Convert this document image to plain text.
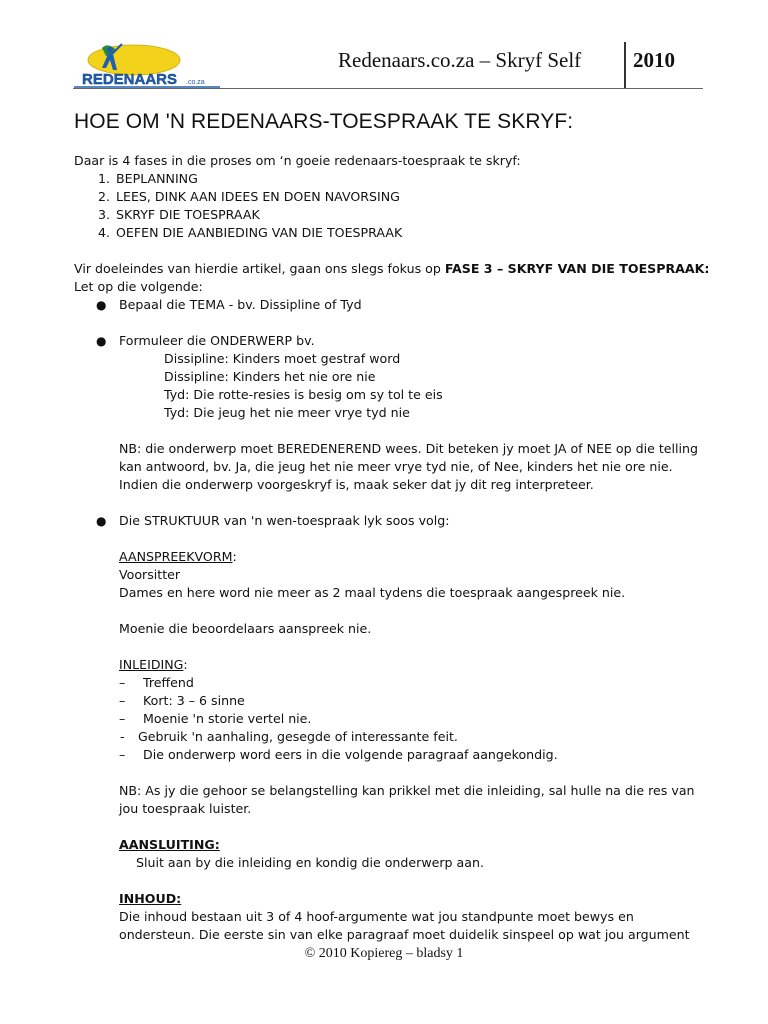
REDENAARS .co.za
Redenaars.co.za – Skryf Self 2010
HOE OM 'N REDENAARS-TOESPRAAK TE SKRYF:

Daar is 4 fases in die proses om ‘n goeie redenaars-toespraak te skryf:

1. BEPLANNING
2. LEES, DINK AAN IDEES EN DOEN NAVORSING
3. SKRYF DIE TOESPRAAK
4. OEFEN DIE AANBIEDING VAN DIE TOESPRAAK

Vir doeleindes van hierdie artikel, gaan ons slegs fokus op FASE 3 – SKRYF VAN DIE TOESPRAAK:

Let op die volgende:

● Bepaal die TEMA - bv. Dissipline of Tyd

● Formuleer die ONDERWERP bv.

Dissipline: Kinders moet gestraf word

Dissipline: Kinders het nie ore nie

Tyd: Die rotte-resies is besig om sy tol te eis

Tyd: Die jeug het nie meer vrye tyd nie

NB: die onderwerp moet BEREDENEREND wees. Dit beteken jy moet JA of NEE op die telling

kan antwoord, bv. Ja, die jeug het nie meer vrye tyd nie, of Nee, kinders het nie ore nie.

Indien die onderwerp voorgeskryf is, maak seker dat jy dit reg interpreteer.

● Die STRUKTUUR van 'n wen-toespraak lyk soos volg:

AANSPREEKVORM:

Voorsitter

Dames en here word nie meer as 2 maal tydens die toespraak aangespreek nie.

Moenie die beoordelaars aanspreek nie.

INLEIDING:

– Treffend

– Kort: 3 – 6 sinne

– Moenie 'n storie vertel nie.

- Gebruik 'n aanhaling, gesegde of interessante feit.

– Die onderwerp word eers in die volgende paragraaf aangekondig.

NB: As jy die gehoor se belangstelling kan prikkel met die inleiding, sal hulle na die res van

jou toespraak luister.

AANSLUITING:

Sluit aan by die inleiding en kondig die onderwerp aan.

INHOUD:

Die inhoud bestaan uit 3 of 4 hoof-argumente wat jou standpunte moet bewys en

ondersteun. Die eerste sin van elke paragraaf moet duidelik sinspeel op wat jou argument

© 2010 Kopiereg – bladsy 1
